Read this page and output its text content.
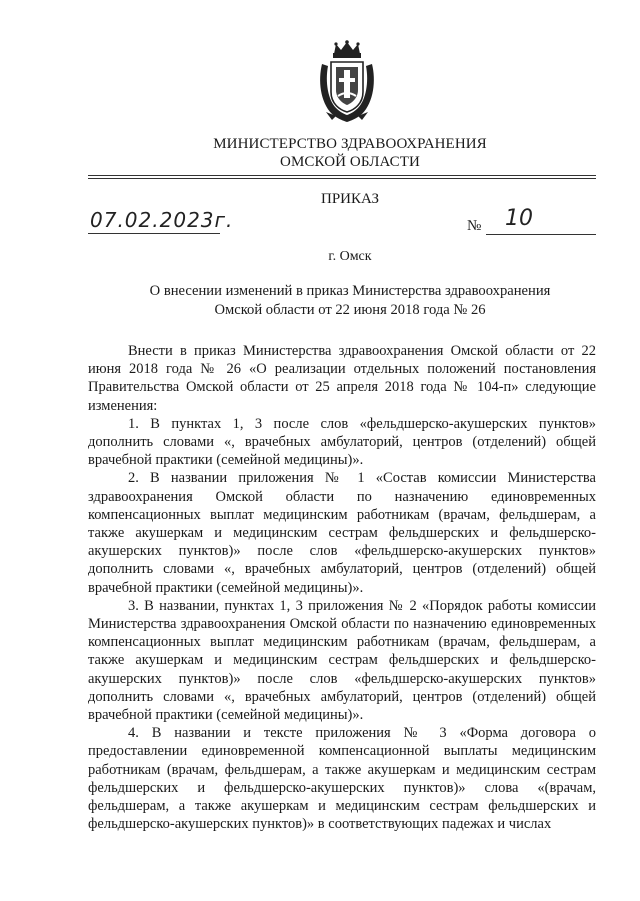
МИНИСТЕРСТВО ЗДРАВООХРАНЕНИЯ
ОМСКОЙ ОБЛАСТИ
ПРИКАЗ
07.02.2023г.	№ 10
г. Омск
О внесении изменений в приказ Министерства здравоохранения
Омской области от 22 июня 2018 года № 26

Внести в приказ Министерства здравоохранения Омской области от 22 июня 2018 года № 26 «О реализации отдельных положений постановления Правительства Омской области от 25 апреля 2018 года № 104-п» следующие изменения:

1. В пунктах 1, 3 после слов «фельдшерско-акушерских пунктов» дополнить словами «, врачебных амбулаторий, центров (отделений) общей врачебной практики (семейной медицины)».

2. В названии приложения № 1 «Состав комиссии Министерства здравоохранения Омской области по назначению единовременных компенсационных выплат медицинским работникам (врачам, фельдшерам, а также акушеркам и медицинским сестрам фельдшерских и фельдшерско-акушерских пунктов)» после слов «фельдшерско-акушерских пунктов» дополнить словами «, врачебных амбулаторий, центров (отделений) общей врачебной практики (семейной медицины)».

3. В названии, пунктах 1, 3 приложения № 2 «Порядок работы комиссии Министерства здравоохранения Омской области по назначению единовременных компенсационных выплат медицинским работникам (врачам, фельдшерам, а также акушеркам и медицинским сестрам фельдшерских и фельдшерско-акушерских пунктов)» после слов «фельдшерско-акушерских пунктов» дополнить словами «, врачебных амбулаторий, центров (отделений) общей врачебной практики (семейной медицины)».

4. В названии и тексте приложения № 3 «Форма договора о предоставлении единовременной компенсационной выплаты медицинским работникам (врачам, фельдшерам, а также акушеркам и медицинским сестрам фельдшерских и фельдшерско-акушерских пунктов)» слова «(врачам, фельдшерам, а также акушеркам и медицинским сестрам фельдшерских и фельдшерско-акушерских пунктов)» в соответствующих падежах и числах
